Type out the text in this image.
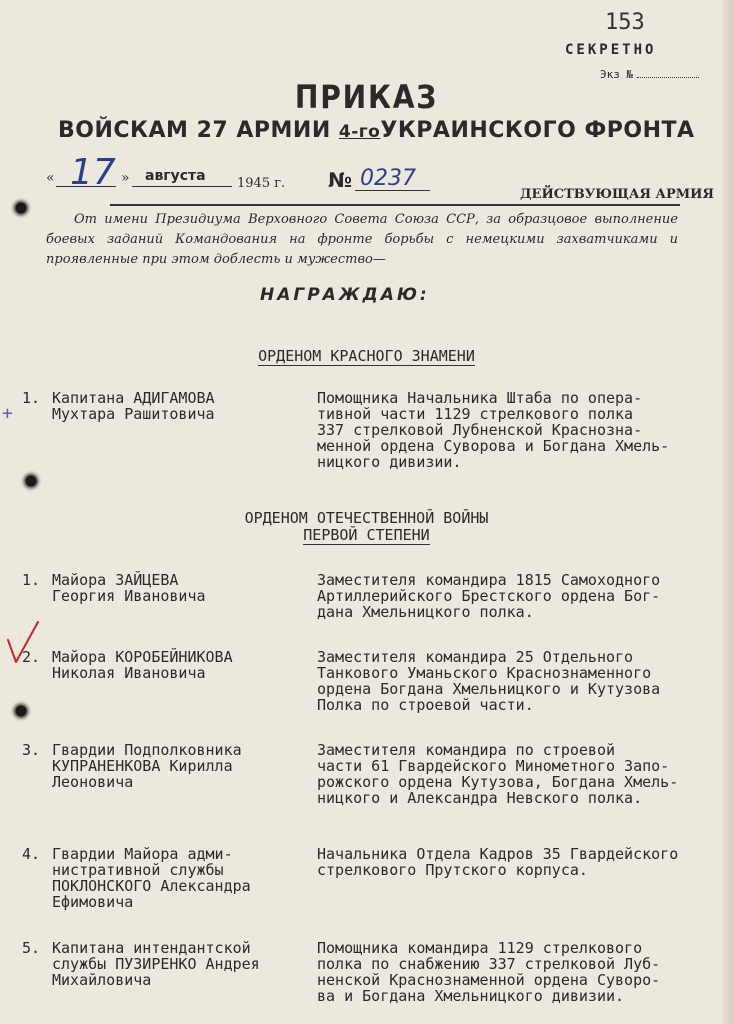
153
СЕКРЕТНО
Экз №
ПРИКАЗ
ВОЙСКАМ 27 АРМИИ 4-гоУКРАИНСКОГО ФРОНТА
« 17 » августа 1945 г. № 0237
ДЕЙСТВУЮЩАЯ АРМИЯ

От имени Президиума Верховного Совета Союза ССР, за образцовое выполнение боевых заданий Командования на фронте борьбы с немецкими захватчиками и проявленные при этом доблесть и мужество—

НАГРАЖДАЮ:
ОРДЕНОМ КРАСНОГО ЗНАМЕНИ
1. Капитана АДИГАМОВА
Мухтара Рашитовича
Помощника Начальника Штаба по опера-
тивной части 1129 стрелкового полка
337 стрелковой Лубненской Краснозна-
менной ордена Суворова и Богдана Хмель-
ницкого дивизии.
ОРДЕНОМ ОТЕЧЕСТВЕННОЙ ВОЙНЫ
ПЕРВОЙ СТЕПЕНИ
1. Майора ЗАЙЦЕВА
Георгия Ивановича
Заместителя командира 1815 Самоходного
Артиллерийского Брестского ордена Бог-
дана Хмельницкого полка.
2. Майора КОРОБЕЙНИКОВА
Николая Ивановича
Заместителя командира 25 Отдельного
Танкового Уманьского Краснознаменного
ордена Богдана Хмельницкого и Кутузова
Полка по строевой части.
3. Гвардии Подполковника
КУПРАНЕНКОВА Кирилла
Леоновича
Заместителя командира по строевой
части 61 Гвардейского Минометного Запо-
рожского ордена Кутузова, Богдана Хмель-
ницкого и Александра Невского полка.
4. Гвардии Майора адми-
нистративной службы
ПОКЛОНСКОГО Александра
Ефимовича
Начальника Отдела Кадров 35 Гвардейского
стрелкового Прутского корпуса.
5. Капитана интендантской
службы ПУЗИРЕНКО Андрея
Михайловича
Помощника командира 1129 стрелкового
полка по снабжению 337 стрелковой Луб-
ненской Краснознаменной ордена Суворо-
ва и Богдана Хмельницкого дивизии.
+
